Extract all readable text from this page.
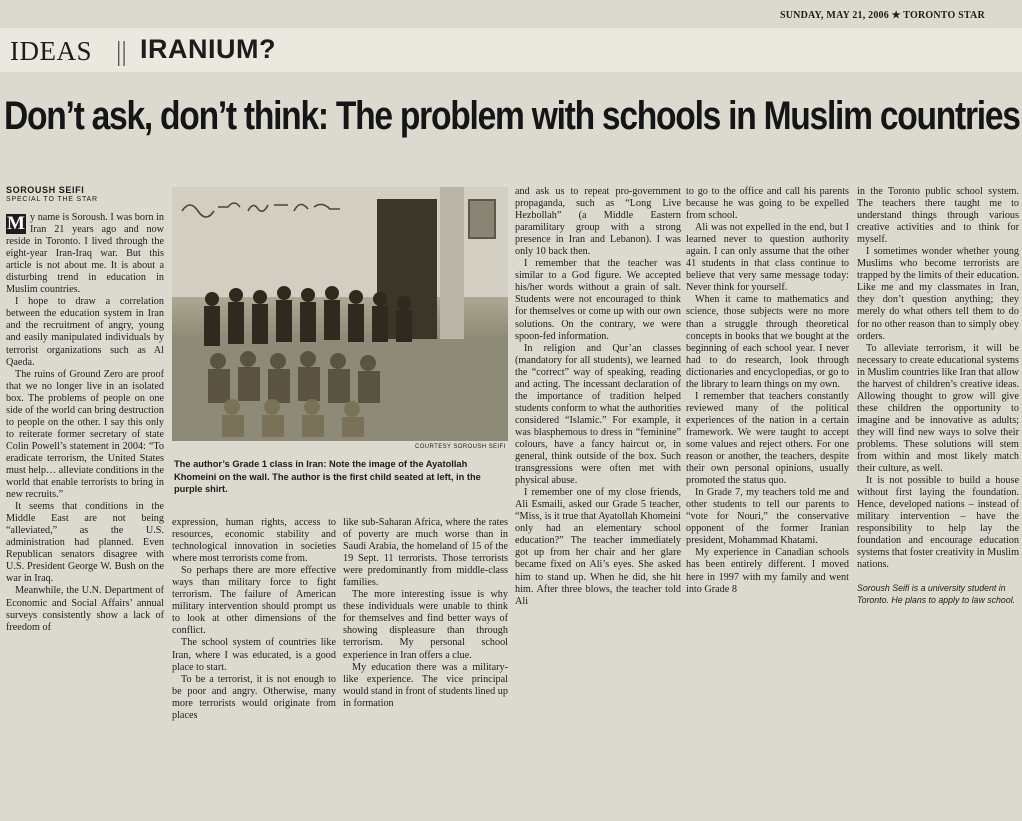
SUNDAY, MAY 21, 2006 ★ TORONTO STAR
IDEAS || IRANIUM?
Don’t ask, don’t think: The problem with schools in Muslim countries
SOROUSH SEIFI
SPECIAL TO THE STAR

M y name is Soroush. I was born in Iran 21 years ago and now reside in Toronto. I lived through the eight-year Iran-Iraq war. But this article is not about me. It is about a disturbing trend in education in Muslim countries.

I hope to draw a correlation between the education system in Iran and the recruitment of angry, young and easily manipulated individuals by terrorist organizations such as Al Qaeda.

The ruins of Ground Zero are proof that we no longer live in an isolated box. The problems of people on one side of the world can bring destruction to people on the other. I say this only to reiterate former secretary of state Colin Powell’s statement in 2004: “To eradicate terrorism, the United States must help… alleviate conditions in the world that enable terrorists to bring in new recruits.”

It seems that conditions in the Middle East are not being “alleviated,” as the U.S. administration had planned. Even Republican senators disagree with U.S. President George W. Bush on the war in Iraq.

Meanwhile, the U.N. Department of Economic and Social Affairs’ annual surveys consistently show a lack of freedom of

COURTESY SOROUSH SEIFI
The author’s Grade 1 class in Iran: Note the image of the Ayatollah Khomeini on the wall. The author is the first child seated at left, in the purple shirt.

expression, human rights, access to resources, economic stability and technological innovation in societies where most terrorists come from.

So perhaps there are more effective ways than military force to fight terrorism. The failure of American military intervention should prompt us to look at other dimensions of the conflict.

The school system of countries like Iran, where I was educated, is a good place to start.

To be a terrorist, it is not enough to be poor and angry. Otherwise, many more terrorists would originate from places

like sub-Saharan Africa, where the rates of poverty are much worse than in Saudi Arabia, the homeland of 15 of the 19 Sept. 11 terrorists. Those terrorists were predominantly from middle-class families.

The more interesting issue is why these individuals were unable to think for themselves and find better ways of showing displeasure than through terrorism. My personal school experience in Iran offers a clue.

My education there was a military-like experience. The vice principal would stand in front of students lined up in formation

and ask us to repeat pro-government propaganda, such as “Long Live Hezbollah” (a Middle Eastern paramilitary group with a strong presence in Iran and Lebanon). I was only 10 back then.

I remember that the teacher was similar to a God figure. We accepted his/her words without a grain of salt. Students were not encouraged to think for themselves or come up with our own solutions. On the contrary, we were spoon-fed information.

In religion and Qur’an classes (mandatory for all students), we learned the “correct” way of speaking, reading and acting. The incessant declaration of the importance of tradition helped students conform to what the authorities considered “Islamic.” For example, it was blasphemous to dress in “feminine” colours, have a fancy haircut or, in general, think outside of the box. Such transgressions were often met with physical abuse.

I remember one of my close friends, Ali Esmaili, asked our Grade 5 teacher, “Miss, is it true that Ayatollah Khomeini only had an elementary school education?” The teacher immediately got up from her chair and her glare became fixed on Ali’s eyes. She asked him to stand up. When he did, she hit him. After three blows, the teacher told Ali

to go to the office and call his parents because he was going to be expelled from school.

Ali was not expelled in the end, but I learned never to question authority again. I can only assume that the other 41 students in that class continue to believe that very same message today: Never think for yourself.

When it came to mathematics and science, those subjects were no more than a struggle through theoretical concepts in books that we bought at the beginning of each school year. I never had to do research, look through dictionaries and encyclopedias, or go to the library to learn things on my own.

I remember that teachers constantly reviewed many of the political experiences of the nation in a certain framework. We were taught to accept some values and reject others. For one reason or another, the teachers, despite their own personal opinions, usually promoted the status quo.

In Grade 7, my teachers told me and other students to tell our parents to “vote for Nouri,” the conservative opponent of the former Iranian president, Mohammad Khatami.

My experience in Canadian schools has been entirely different. I moved here in 1997 with my family and went into Grade 8

in the Toronto public school system. The teachers there taught me to understand things through various creative activities and to think for myself.

I sometimes wonder whether young Muslims who become terrorists are trapped by the limits of their education. Like me and my classmates in Iran, they don’t question anything; they merely do what others tell them to do for no other reason than to simply obey orders.

To alleviate terrorism, it will be necessary to create educational systems in Muslim countries like Iran that allow the harvest of children’s creative ideas. Allowing thought to grow will give these children the opportunity to imagine and be innovative as adults; they will find new ways to solve their problems. These solutions will stem from within and most likely match their culture, as well.

It is not possible to build a house without first laying the foundation. Hence, developed nations – instead of military intervention – have the responsibility to help lay the foundation and encourage education systems that foster creativity in Muslim nations.

Soroush Seifi is a university student in Toronto. He plans to apply to law school.
